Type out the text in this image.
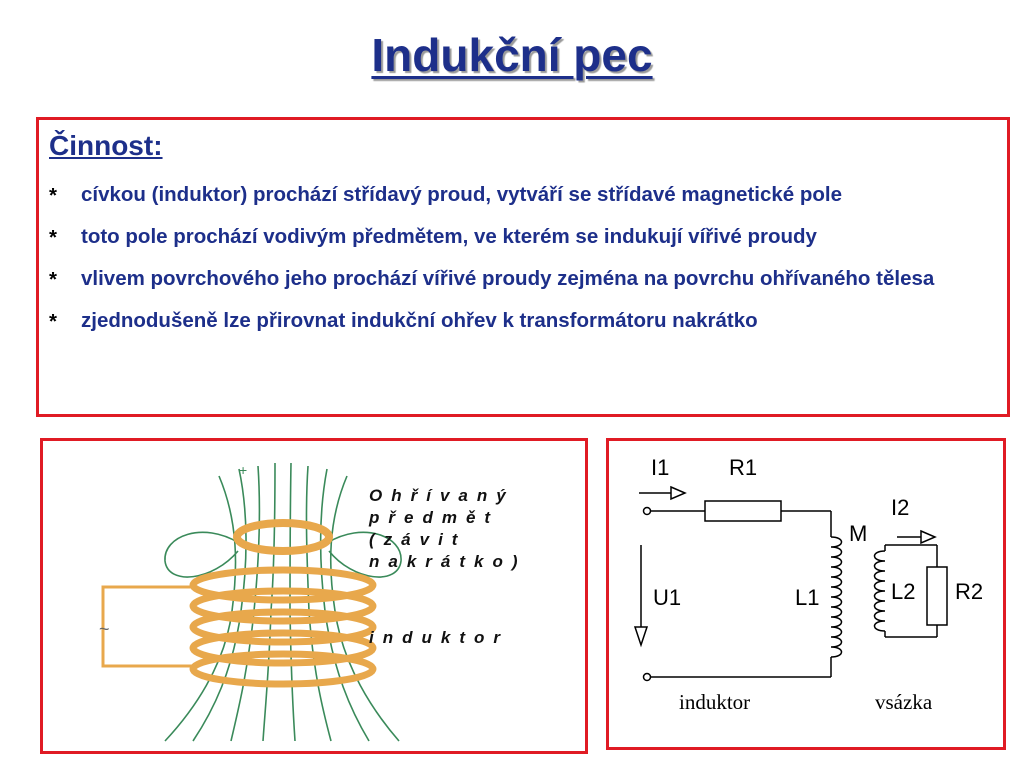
Indukční pec
Činnost:
* cívkou (induktor) prochází střídavý proud, vytváří se střídavé magnetické pole
* toto pole prochází vodivým předmětem, ve kterém se indukují vířivé proudy
* vlivem povrchového jeho prochází vířivé proudy zejména na povrchu ohřívaného tělesa
* zjednodušeně lze přirovnat indukční ohřev k transformátoru nakrátko
~
+
Ohřívaný
předmět
(závit
nakrátko)
induktor
I1	R1
U1	L1
M
I2
L2 R2
induktor	vsázka
